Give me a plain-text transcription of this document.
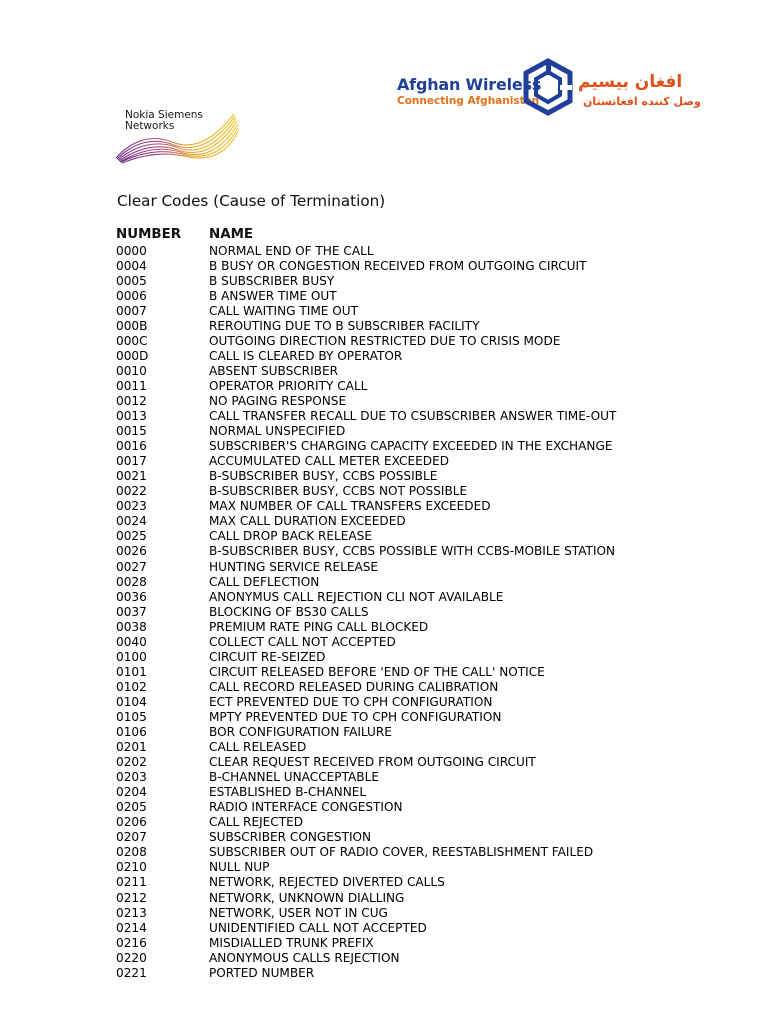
Nokia Siemens
Networks
Afghan Wireless
Connecting Afghanistan
افغان بيسيم
وصل كننده افغانستان
Clear Codes (Cause of Termination)
NUMBER	NAME
0000	NORMAL END OF THE CALL
0004	B BUSY OR CONGESTION RECEIVED FROM OUTGOING CIRCUIT
0005	B SUBSCRIBER BUSY
0006	B ANSWER TIME OUT
0007	CALL WAITING TIME OUT
000B	REROUTING DUE TO B SUBSCRIBER FACILITY
000C	OUTGOING DIRECTION RESTRICTED DUE TO CRISIS MODE
000D	CALL IS CLEARED BY OPERATOR
0010	ABSENT SUBSCRIBER
0011	OPERATOR PRIORITY CALL
0012	NO PAGING RESPONSE
0013	CALL TRANSFER RECALL DUE TO CSUBSCRIBER ANSWER TIME-OUT
0015	NORMAL UNSPECIFIED
0016	SUBSCRIBER'S CHARGING CAPACITY EXCEEDED IN THE EXCHANGE
0017	ACCUMULATED CALL METER EXCEEDED
0021	B-SUBSCRIBER BUSY, CCBS POSSIBLE
0022	B-SUBSCRIBER BUSY, CCBS NOT POSSIBLE
0023	MAX NUMBER OF CALL TRANSFERS EXCEEDED
0024	MAX CALL DURATION EXCEEDED
0025	CALL DROP BACK RELEASE
0026	B-SUBSCRIBER BUSY, CCBS POSSIBLE WITH CCBS-MOBILE STATION
0027	HUNTING SERVICE RELEASE
0028	CALL DEFLECTION
0036	ANONYMUS CALL REJECTION CLI NOT AVAILABLE
0037	BLOCKING OF BS30 CALLS
0038	PREMIUM RATE PING CALL BLOCKED
0040	COLLECT CALL NOT ACCEPTED
0100	CIRCUIT RE-SEIZED
0101	CIRCUIT RELEASED BEFORE 'END OF THE CALL' NOTICE
0102	CALL RECORD RELEASED DURING CALIBRATION
0104	ECT PREVENTED DUE TO CPH CONFIGURATION
0105	MPTY PREVENTED DUE TO CPH CONFIGURATION
0106	BOR CONFIGURATION FAILURE
0201	CALL RELEASED
0202	CLEAR REQUEST RECEIVED FROM OUTGOING CIRCUIT
0203	B-CHANNEL UNACCEPTABLE
0204	ESTABLISHED B-CHANNEL
0205	RADIO INTERFACE CONGESTION
0206	CALL REJECTED
0207	SUBSCRIBER CONGESTION
0208	SUBSCRIBER OUT OF RADIO COVER, REESTABLISHMENT FAILED
0210	NULL NUP
0211	NETWORK, REJECTED DIVERTED CALLS
0212	NETWORK, UNKNOWN DIALLING
0213	NETWORK, USER NOT IN CUG
0214	UNIDENTIFIED CALL NOT ACCEPTED
0216	MISDIALLED TRUNK PREFIX
0220	ANONYMOUS CALLS REJECTION
0221	PORTED NUMBER
